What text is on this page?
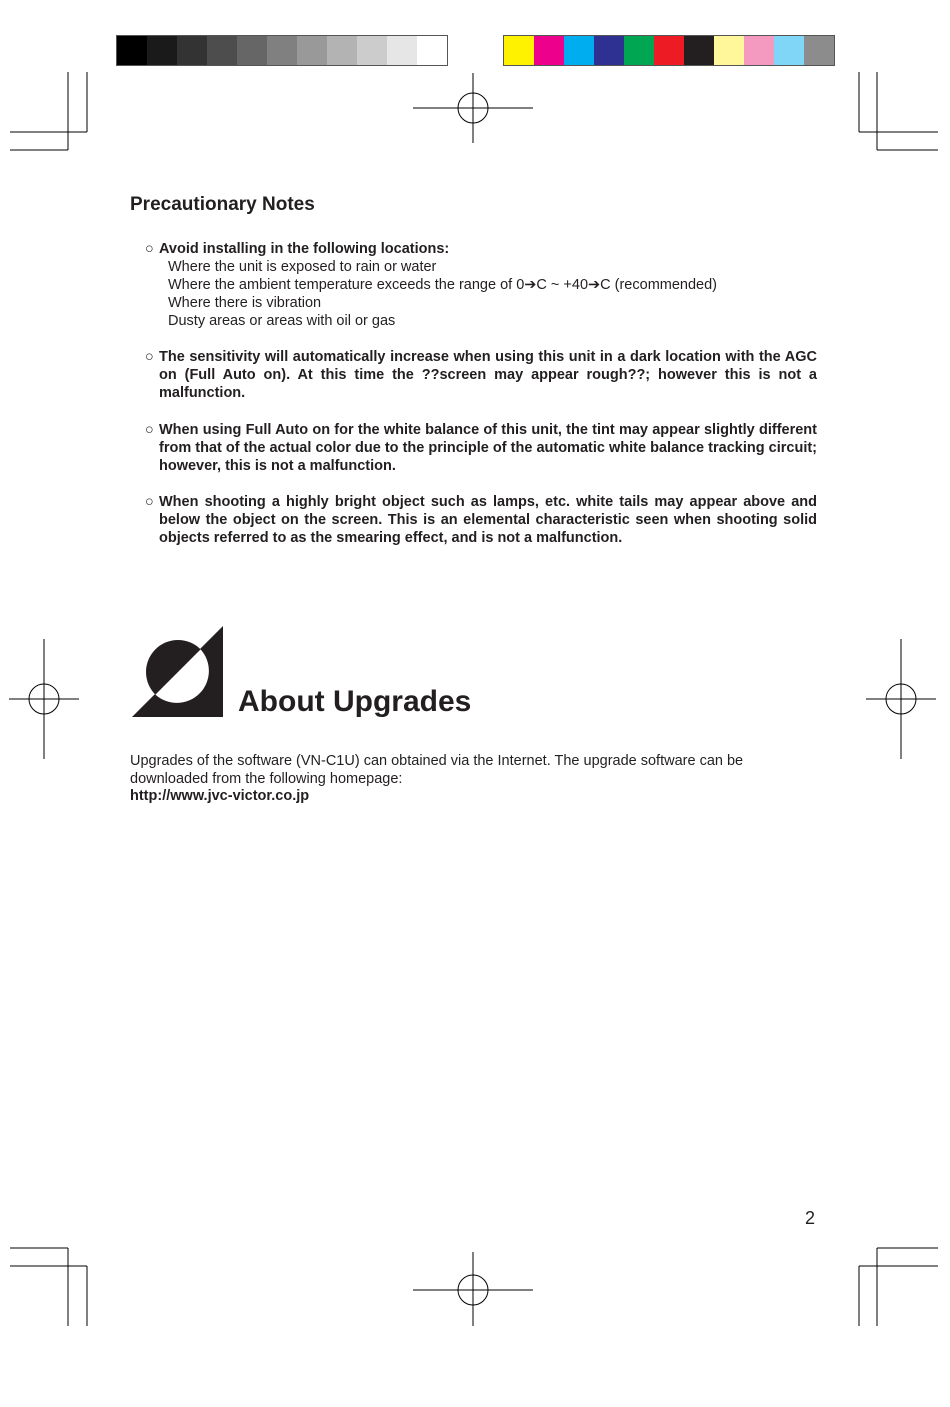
Precautionary Notes
○ Avoid installing in the following locations:
Where the unit is exposed to rain or water
Where the ambient temperature exceeds the range of 0➔C ~ +40➔C (recommended)
Where there is vibration
Dusty areas or areas with oil or gas
○ The sensitivity will automatically increase when using this unit in a dark location with the AGC on (Full Auto on). At this time the ??screen may appear rough??; however this is not a malfunction.
○ When using Full Auto on for the white balance of this unit, the tint may appear slightly different from that of the actual color due to the principle of the automatic white balance tracking circuit; however, this is not a malfunction.
○ When shooting a highly bright object such as lamps, etc. white tails may appear above and below the object on the screen. This is an elemental characteristic seen when shooting solid objects referred to as the smearing effect, and is not a malfunction.
About Upgrades

Upgrades of the software (VN-C1U) can obtained via the Internet. The upgrade software can be downloaded from the following homepage:

http://www.jvc-victor.co.jp
2
